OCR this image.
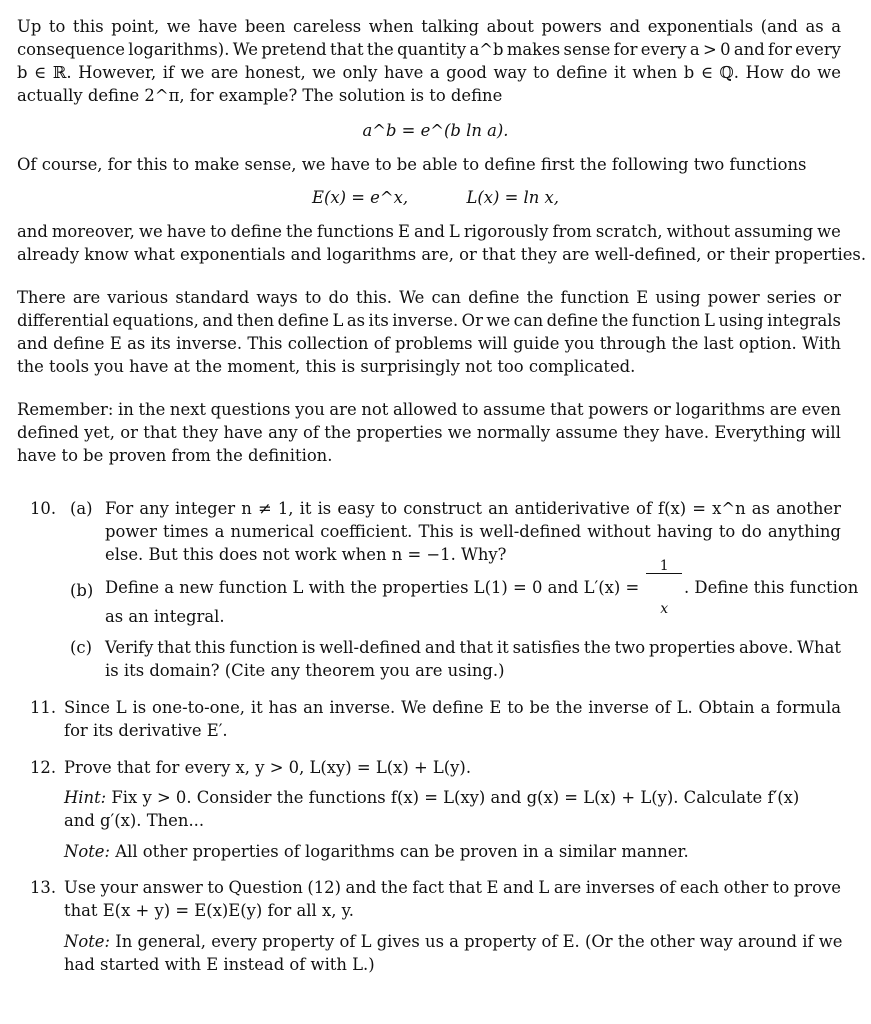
Up to this point, we have been careless when talking about powers and exponentials (and as a
consequence logarithms). We pretend that the quantity a^b makes sense for every a > 0 and for every
b ∈ ℝ. However, if we are honest, we only have a good way to define it when b ∈ ℚ. How do we
actually define 2^π, for example? The solution is to define
a^b = e^(b ln a).
Of course, for this to make sense, we have to be able to define first the following two functions
E(x) = e^x,	L(x) = ln x,
and moreover, we have to define the functions E and L rigorously from scratch, without assuming we
already know what exponentials and logarithms are, or that they are well-defined, or their properties.
There are various standard ways to do this. We can define the function E using power series or
differential equations, and then define L as its inverse. Or we can define the function L using integrals
and define E as its inverse. This collection of problems will guide you through the last option. With
the tools you have at the moment, this is surprisingly not too complicated.
Remember: in the next questions you are not allowed to assume that powers or logarithms are even
defined yet, or that they have any of the properties we normally assume they have. Everything will
have to be proven from the definition.
10. (a) For any integer n ≠ 1, it is easy to construct an antiderivative of f(x) = x^n as another
power times a numerical coefficient. This is well-defined without having to do anything
else. But this does not work when n = −1. Why?
(b) Define a new function L with the properties L(1) = 0 and L′(x) =

$\frac{1}{x}$

. Define this function
as an integral.
(c) Verify that this function is well-defined and that it satisfies the two properties above. What
is its domain? (Cite any theorem you are using.)
11. Since L is one-to-one, it has an inverse. We define E to be the inverse of L. Obtain a formula
for its derivative E′.
12. Prove that for every x, y > 0, L(xy) = L(x) + L(y).
Hint: Fix y > 0. Consider the functions f(x) = L(xy) and g(x) = L(x) + L(y). Calculate f′(x)
and g′(x). Then...
Note: All other properties of logarithms can be proven in a similar manner.
13. Use your answer to Question (12) and the fact that E and L are inverses of each other to prove
that E(x + y) = E(x)E(y) for all x, y.
Note: In general, every property of L gives us a property of E. (Or the other way around if we
had started with E instead of with L.)
